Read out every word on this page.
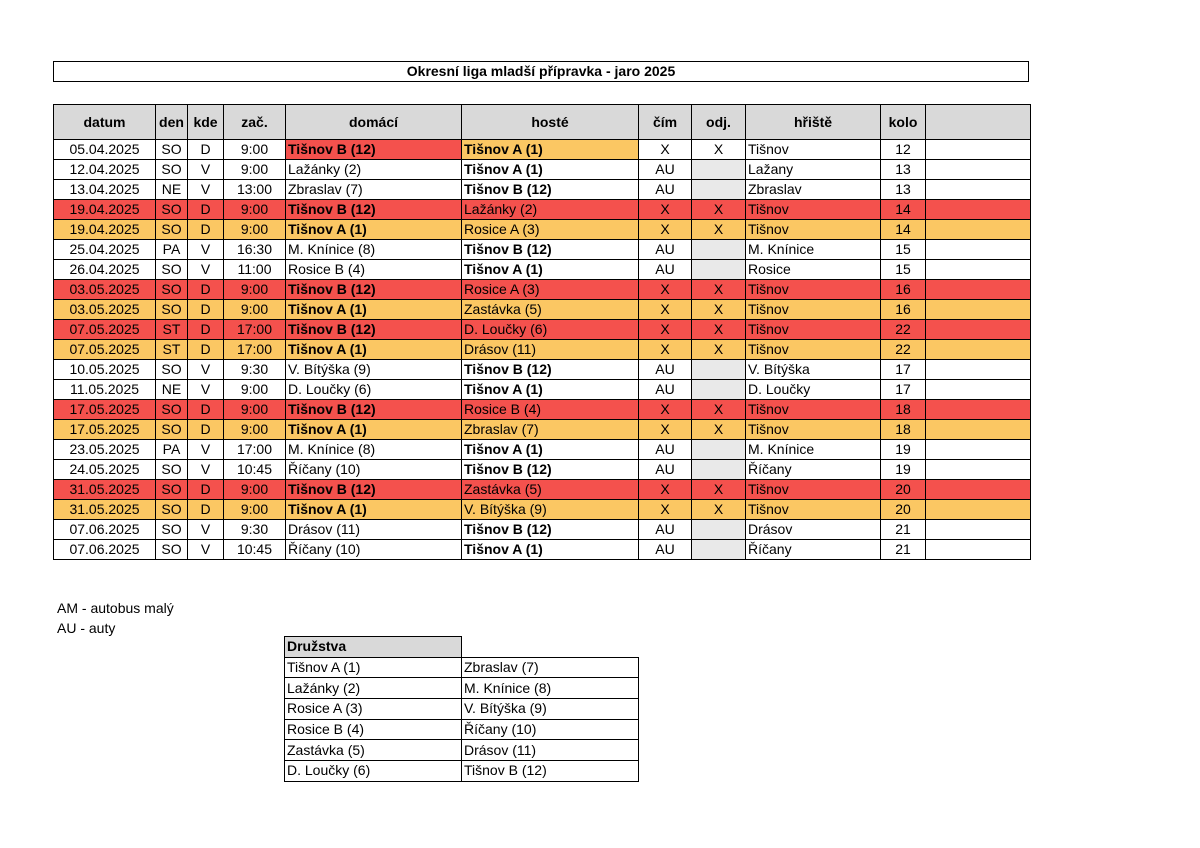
Okresní liga mladší přípravka - jaro 2025
datum	den	kde	zač.	domácí	hosté	čím	odj.	hřiště	kolo	
05.04.2025	SO	D	9:00	Tišnov B (12)	Tišnov A (1)	X	X	Tišnov	12	
12.04.2025	SO	V	9:00	Lažánky (2)	Tišnov A (1)	AU		Lažany	13	
13.04.2025	NE	V	13:00	Zbraslav (7)	Tišnov B (12)	AU		Zbraslav	13	
19.04.2025	SO	D	9:00	Tišnov B (12)	Lažánky (2)	X	X	Tišnov	14	
19.04.2025	SO	D	9:00	Tišnov A (1)	Rosice A (3)	X	X	Tišnov	14	
25.04.2025	PA	V	16:30	M. Knínice (8)	Tišnov B (12)	AU		M. Knínice	15	
26.04.2025	SO	V	11:00	Rosice B (4)	Tišnov A (1)	AU		Rosice	15	
03.05.2025	SO	D	9:00	Tišnov B (12)	Rosice A (3)	X	X	Tišnov	16	
03.05.2025	SO	D	9:00	Tišnov A (1)	Zastávka (5)	X	X	Tišnov	16	
07.05.2025	ST	D	17:00	Tišnov B (12)	D. Loučky (6)	X	X	Tišnov	22	
07.05.2025	ST	D	17:00	Tišnov A (1)	Drásov (11)	X	X	Tišnov	22	
10.05.2025	SO	V	9:30	V. Bítýška (9)	Tišnov B (12)	AU		V. Bítýška	17	
11.05.2025	NE	V	9:00	D. Loučky (6)	Tišnov A (1)	AU		D. Loučky	17	
17.05.2025	SO	D	9:00	Tišnov B (12)	Rosice B (4)	X	X	Tišnov	18	
17.05.2025	SO	D	9:00	Tišnov A (1)	Zbraslav (7)	X	X	Tišnov	18	
23.05.2025	PA	V	17:00	M. Knínice (8)	Tišnov A (1)	AU		M. Knínice	19	
24.05.2025	SO	V	10:45	Říčany (10)	Tišnov B (12)	AU		Říčany	19	
31.05.2025	SO	D	9:00	Tišnov B (12)	Zastávka (5)	X	X	Tišnov	20	
31.05.2025	SO	D	9:00	Tišnov A (1)	V. Bítýška (9)	X	X	Tišnov	20	
07.06.2025	SO	V	9:30	Drásov (11)	Tišnov B (12)	AU		Drásov	21	
07.06.2025	SO	V	10:45	Říčany (10)	Tišnov A (1)	AU		Říčany	21	
AM - autobus malý
AU - auty
Družstva	
Tišnov A (1)	Zbraslav (7)
Lažánky (2)	M. Knínice (8)
Rosice A (3)	V. Bítýška (9)
Rosice B (4)	Říčany (10)
Zastávka (5)	Drásov (11)
D. Loučky (6)	Tišnov B (12)
